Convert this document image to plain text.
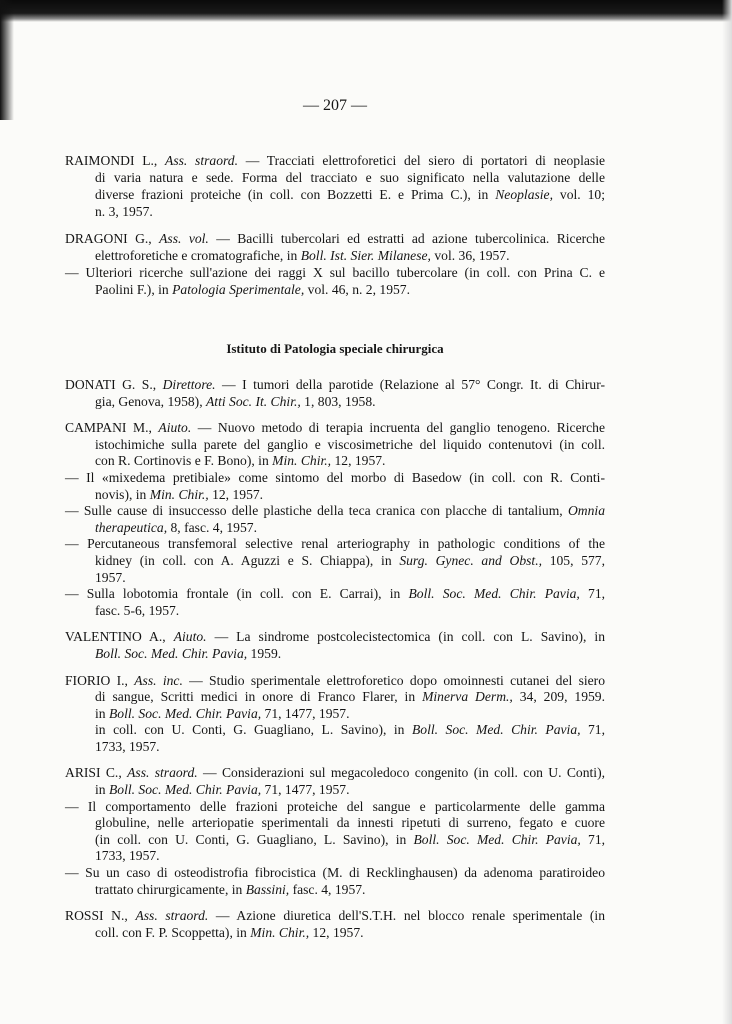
— 207 —
RAIMONDI L., Ass. straord. — Tracciati elettroforetici del siero di portatori di neoplasie
di varia natura e sede. Forma del tracciato e suo significato nella valutazione delle
diverse frazioni proteiche (in coll. con Bozzetti E. e Prima C.), in Neoplasie, vol. 10;
n. 3, 1957.
DRAGONI G., Ass. vol. — Bacilli tubercolari ed estratti ad azione tubercolinica. Ricerche
elettroforetiche e cromatografiche, in Boll. Ist. Sier. Milanese, vol. 36, 1957.
— Ulteriori ricerche sull'azione dei raggi X sul bacillo tubercolare (in coll. con Prina C. e
Paolini F.), in Patologia Sperimentale, vol. 46, n. 2, 1957.
Istituto di Patologia speciale chirurgica
DONATI G. S., Direttore. — I tumori della parotide (Relazione al 57° Congr. It. di Chirur-
gia, Genova, 1958), Atti Soc. It. Chir., 1, 803, 1958.
CAMPANI M., Aiuto. — Nuovo metodo di terapia incruenta del ganglio tenogeno. Ricerche
istochimiche sulla parete del ganglio e viscosimetriche del liquido contenutovi (in coll.
con R. Cortinovis e F. Bono), in Min. Chir., 12, 1957.
— Il «mixedema pretibiale» come sintomo del morbo di Basedow (in coll. con R. Conti-
novis), in Min. Chir., 12, 1957.
— Sulle cause di insuccesso delle plastiche della teca cranica con placche di tantalium, Omnia
therapeutica, 8, fasc. 4, 1957.
— Percutaneous transfemoral selective renal arteriography in pathologic conditions of the
kidney (in coll. con A. Aguzzi e S. Chiappa), in Surg. Gynec. and Obst., 105, 577,
1957.
— Sulla lobotomia frontale (in coll. con E. Carrai), in Boll. Soc. Med. Chir. Pavia, 71,
fasc. 5-6, 1957.
VALENTINO A., Aiuto. — La sindrome postcolecistectomica (in coll. con L. Savino), in
Boll. Soc. Med. Chir. Pavia, 1959.
FIORIO I., Ass. inc. — Studio sperimentale elettroforetico dopo omoinnesti cutanei del siero
di sangue, Scritti medici in onore di Franco Flarer, in Minerva Derm., 34, 209, 1959.
in Boll. Soc. Med. Chir. Pavia, 71, 1477, 1957.
in coll. con U. Conti, G. Guagliano, L. Savino), in Boll. Soc. Med. Chir. Pavia, 71,
1733, 1957.
ARISI C., Ass. straord. — Considerazioni sul megacoledoco congenito (in coll. con U. Conti),
in Boll. Soc. Med. Chir. Pavia, 71, 1477, 1957.
— Il comportamento delle frazioni proteiche del sangue e particolarmente delle gamma
globuline, nelle arteriopatie sperimentali da innesti ripetuti di surreno, fegato e cuore
(in coll. con U. Conti, G. Guagliano, L. Savino), in Boll. Soc. Med. Chir. Pavia, 71,
1733, 1957.
— Su un caso di osteodistrofia fibrocistica (M. di Recklinghausen) da adenoma paratiroideo
trattato chirurgicamente, in Bassini, fasc. 4, 1957.
ROSSI N., Ass. straord. — Azione diuretica dell'S.T.H. nel blocco renale sperimentale (in
coll. con F. P. Scoppetta), in Min. Chir., 12, 1957.
